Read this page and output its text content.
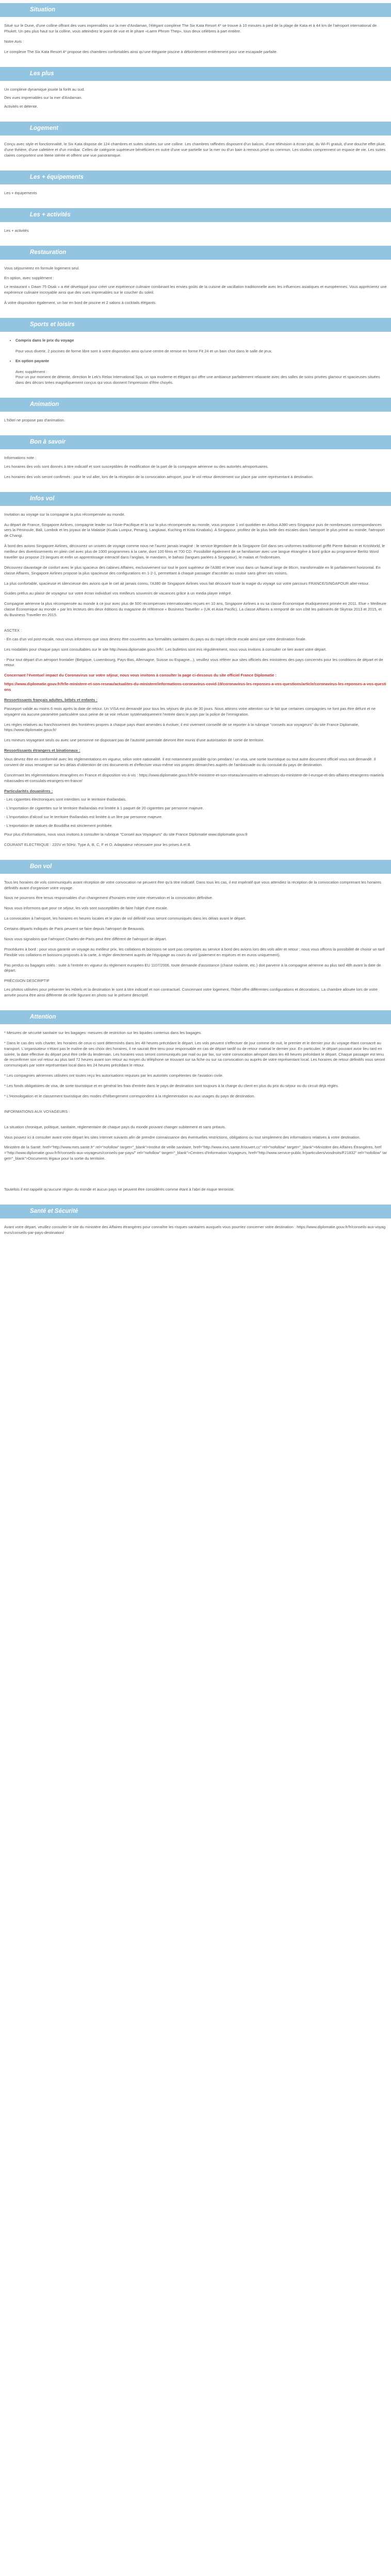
Situation

Situé sur le Dune, d'une colline offrant des vues imprenables sur la mer d'Andaman, l'élégant complexe The Six Kata Resort 4* se trouve à 10 minutes à pied de la plage de Kata et à 44 km de l'aéroport international de Phuket. Un peu plus haut sur la colline, vous atteindrez le point de vue et le phare «Laem Phrom Thep», tous deux célèbres à part entière.

Notre Avis :

Le complexe The Six Kata Resort 4* propose des chambres confortables ainsi qu'une élégante piscine à débordement entièrement pour une escapade parfaite.

Les plus

Un complexe dynamique jouxte la forêt au sud.

Des vues imprenables sur la mer d'Andaman.

Activités et détente.

Logement

Conçu avec style et fonctionnalité, le Six Kata dispose de 124 chambres et suites situées sur une colline. Les chambres raffinées disposent d'un balcon, d'une télévision à écran plat, du Wi-Fi gratuit, d'une douche effet pluie, d'une théière, d'une cafetière et d'un minibar. Celles de catégorie supérieure bénéficient en outre d'une vue partielle sur la mer ou d'un bain à remous privé ou commun. Les studios comprennent un espace de vie. Les suites claires comportent une literie stérée et offrent une vue panoramique.

Les + équipements

Les + équipements

Les + activités

Les + activités

Restauration

Vous séjournerez en formule logement seul.

En option, avec supplément :

Le restaurant « Dawn 75 Osak » a été développé pour créer une expérience culinaire combinant les envies goûts de la cuisine de vacillation traditionnelle avec les influences asiatiques et européennes. Vous apprécierez une expérience culinaire incroyable ainsi que des vues imprenables sur le coucher du soleil.

À votre disposition également, un bar en bord de piscine et 2 salons à cocktails élégants.

Sports et loisirs
• Compris dans le prix du voyage
Pour vous divertir, 2 piscines de forme libre sont à votre disposition ainsi qu'une centre de remise en forme Fit 24 et un bain chot dans le salle de jeux.
• En option payante
Avec supplément :
Pour un pur moment de détente, direction le Lek's Relax International Spa, un spa moderne et élégant qui offre une ambiance parfaitement relaxante avec des salles de soins privées glamour et spacieuses situées dans des décors tirées magnifiquement conçus qui vous donnent l'impression d'être choyés.
Animation

L'hôtel ne propose pas d'animation.

Bon à savoir

Informations note :

Les horaires des vols sont donnés à titre indicatif et sont susceptibles de modification de la part de la compagnie aérienne ou des autorités aéroportuaires.

Les horaires des vols seront confirmés : pour le vol aller, lors de la réception de la convocation aéroport, pour le vol retour directement sur place par votre représentant à destination.

Infos vol

Invitation au voyage sur la compagnie la plus récompensée au monde.

Au départ de France, Singapore Airlines, compagnie leader sur l'Asie-Pacifique et la sur la plus récompensée au monde, vous propose 1 vol quotidien en Airbus A380 vers Singapour puis de nombreuses correspondances vers la Péninsule, Bali, Lombok et les joyaux de la Malaisie (Kuala Lumpur, Penang, Langkawi, Kuching et Kota Kinabalu). A Singapour, profitez de la plus belle des escales dans l'aéroport le plus primé au monde, l'aéroport de Changi.

À bord des avions Singapore Airlines, découvrez un univers de voyage comme nous ne l'aurez jamais imaginé : le service légendaire de la Singapore Girl dans ses uniformes traditionnel griffé Pierre Balmain et KrisWorld, le meilleur des divertissements en plein ciel avec plus de 1000 programmes à la carte, dont 100 films et 700 CD. Possibilité également de se familiariser avec une langue étrangère à bord grâce au programme Berlitz Word traveller qui propose 23 langues et enfin un apprentissage interactif dans l'anglais, le mandarin, le bahasi (langues parlées à Singapour), le malais et l'indonésien.

Découvrez davantage de confort avec le plus spacieux des cabines Affaires, exclusivement sur tout le pont supérieur de l'A380 et lever vous dans un fauteuil large de 86cm, transformable en lit parfaitement horizontal. En classe Affaires, Singapore Airlines propose la plus spacieuse des configurations en 1-2-1, permettant à chaque passager d'accéder au couloir sans gêner ses voisins.

La plus confortable, spacieuse et silencieuse des avions que le ciel ait jamais connu, l'A380 de Singapore Airlines vous fait découvrir toute la magie du voyage sur votre parcours FRANCE/SINGAPOUR aller-retour.

Guides préfus au plaisir de voyageur sur votre écran individuel vos meilleurs souvenirs de vacances grâce à un media player intégré.

Compagnie aérienne la plus récompensée au monde à ce jour avec plus de 500 récompenses internationales reçues en 10 ans, Singapore Airlines a vu sa classe Économique étudiquement primée en 2011. Elue « Meilleure classe Économique au monde » par les lecteurs des deux éditions du magazine de référence « Business Traveller » (UK et Asia Pacific). La classe Affaires a remporté de son côté les palmarès de Skytrax 2013 et 2015, et du Business Traveller en 2015.

ASCTEX :

- En cas d'un vol post-escale, nous vous informons que vous devrez être couvertes aux formalités sanitaires du pays ou du trajet infecte escale ainsi que votre destination finale.

Les modalités pour chaque pays sont consultables sur le site http://www.diplomatie.gouv.fr/fr/. Les bulletins sont mis régulièrement, nous vous invitons à consulter ce lien avant votre départ.

- Pour tout départ d'un aéroport frontalier (Belgique, Luxembourg, Pays-Bas, Allemagne, Suisse ou Espagne...), veuillez vous référer aux sites officiels des ministères des pays concernés pour les conditions de départ et de retour.

Concernant l'éventuel impact du Coronavirus sur votre séjour, nous vous invitons à consulter la page ci-dessous du site officiel France Diplomatie :

https://www.diplomatie.gouv.fr/fr/le-ministere-et-son-reseau/actualites-du-ministere/informations-coronavirus-covid-19/coronavirus-les-reponses-a-vos-questions/article/coronavirus-les-reponses-a-vos-questions

Ressortissants français adultes, bébés et enfants :

Passeport valide au moins 6 mois après la date de retour. Un VISA est demandé pour tous les séjours de plus de 30 jours. Nous attirons votre attention sur le fait que certaines compagnies ne font pas être défunt et ne voyagent via aucune paramètre particulière sous peine de se voir refuser systématiquement l'entrée dans le pays par la police de l'immigration.

Les règles relatives au franchissement des frontières propres à chaque pays étant amendes à évoluer, il est vivement conseillé de se reporter à la rubrique "conseils aux voyageurs" du site France Diplomatie, https://www.diplomatie.gouv.fr/

Les mineurs voyageant seuls ou avec une personne ne disposant pas de l'autorité parentale devront être munis d'une autorisation de sortie de territoire.

Ressortissants étrangers et binationaux :

Vous devrez être en conformité avec les réglementations en vigueur, selon votre nationalité. Il est notamment possible qu'on pendant / un visa, une sortie touristique ou tout autre document officiel vous soit demandé. Il convient de vous renseigner sur les délais d'obtention de ces documents et d'effectuer vous-même vos propres démarches auprès de l'ambassade ou du consulat du pays de destination.

Concernant les réglementations étrangères en France et disposition vis-à-vis : https://www.diplomatie.gouv.fr/fr/le-ministere-et-son-reseau/annuaires-et-adresses-du-ministere-de-l-europe-et-des-affaires-etrangeres-maeie/ambassades-et-consulats-etrangers-en-france/

Particularités douanières :

- Les cigarettes électroniques sont interdites sur le territoire thaïlandais.
- L'importation de cigarettes sur le territoire thaïlandais est limitée à 1 paquet de 20 cigarettes par personne majeure.
- L'importation d'alcool sur le territoire thaïlandais est limitée à un litre par personne majeure.
- L'exportation de statues de Bouddha est strictement prohibée.

Pour plus d'informations, nous vous invitons à consulter la rubrique "Conseil aux Voyageurs" du site France Diplomatie www.diplomatie.gouv.fr

COURANT ELECTRIQUE : 220V et 50Hz. Type A, B, C, F et O. Adaptateur nécessaire pour les prises A et B.

Bon vol

Tous les horaires de vols communiqués avant réception de votre convocation ne peuvent être qu'à titre indicatif. Dans tous les cas, il est impératif que vous attendiez la réception de la convocation comprenant les horaires définitifs avant d'organiser votre voyage.

Nous ne pourrons être tenus responsables d'un changement d'horaires entre votre réservation et la convocation définitive.

Nous vous informons que pour ce séjour, les vols sont susceptibles de faire l'objet d'une escale.

La convocation à l'aéroport, les horaires en heures locales et le plan de vol définitif vous seront communiqués dans les délais avant le départ.

Certains départs indiqués de Paris peuvent se faire depuis l'aéroport de Beauvais.

Nous vous signalons que l'aéroport Charles-de-Paris peut être différent de l'aéroport de départ.

Procédures à bord : pour vous garantir un voyage au meilleur prix, les collations et boissons ne sont pas comprises au service à bord des avions lors des vols aller et retour ; nous vous offrons la possibilité de choisir un tarif Flexible vos collations et boissons proposés à la carte, à régler directement auprès de l'équipage au cours du vol (paiement en espèces et en euros uniquement).

Pas perdus ou bagages volés : suite à l'entrée en vigueur du règlement européen EU 1107/2006, toute demande d'assistance (chaise roulante, etc.) doit parvenir à la compagnie aérienne au plus tard 48h avant la date de départ.

PRÉCISION DESCRIPTIF

Les photos utilisées pour présenter les Hôtels et la destination le sont à titre indicatif et non contractuel. Concernant votre logement, l'hôtel offre différentes configurations et décorations. La chambre allouée lors de votre arrivée pourra être ainsi différente de celle figurant en photo sur le présent descriptif.

Attention

* Mesures de sécurité sanitaire sur les bagages: mesures de restriction sur les liquides contenus dans les bagages.

* Dans le cas des vols charter, les horaires de ceux-ci sont déterminés dans les 48 heures précédant le départ. Les vols peuvent s'effectuer de jour comme de nuit, le premier et le dernier jour du voyage étant consacré au transport. L'organisateur n'étant pas le maître de ses choix des horaires, il ne saurait être tenu pour responsable en cas de départ tardif ou de retour matinal le dernier jour. En particulier, le départ pouvant avoir lieu tard en soirée, la date effective du départ peut être celle du lendemain. Les horaires vous seront communiqués par mail ou par fax, sur votre convocation aéroport dans les 48 heures précédant le départ. Chaque passager est tenu de reconfirmer son vol retour au plus tard 72 heures avant son retour au moyen du téléphone se trouvant sur sa fiche ou sur sa convocation ou auprès de votre représentant local. Les horaires de retour définitifs vous seront communiqués par votre représentant local dans les 24 heures précédant le retour.

* Les compagnies aériennes utilisées ont toutes reçu les autorisations requises par les autorités compétentes de l'aviation civile.

* Les fonds obligatoires de visa, de sorte touristique et en général les frais d'entrée dans le pays de destination sont toujours à la charge du client en plus du prix du séjour ou du circuit déjà réglés.

* L'Homologation et le classement touristique des modes d'hébergement correspondent à la réglementation ou aux usages du pays de destination.

INFORMATIONS AUX VOYAGEURS :

La situation chronique, politique, sanitaire, réglementaire de chaque pays du monde pouvant changer subitement et sans préavis.

Vous pouvez ici à consulter avant votre départ les sites Internet suivants afin de prendre connaissance des éventuelles restrictions, obligations ou tout simplement des informations relatives à votre destination.

Ministère de la Santé: href="http://www.mes.sante.fr" rel="nofollow" target="_blank">Institut de veille sanitaire, href="http://www.invs.sante.fr/ouvert.cc" rel="nofollow" target="_blank">Ministère des Affaires Étrangères, href="http://www.diplomatie.gouv.fr/fr/conseils-aux-voyageurs/conseils-par-pays/" rel="nofollow" target="_blank">Centres d'Information Voyageurs, href="http://www.service-public.fr/particuliers/vosdroits/F21832" rel="nofollow" target="_blank">Documents légaux pour la sortie du territoire.

Toutefois il est rappelé qu'aucune région du monde et aucun pays ne peuvent être considérés comme étant à l'abri de risque terroriste.

Santé et Sécurité

Avant votre départ, veuillez consulter le site du ministère des Affaires étrangères pour connaître les risques sanitaires auxquels vous pourriez concerner votre destination : https://www.diplomatie.gouv.fr/fr/conseils-aux-voyageurs/conseils-par-pays-destination/
